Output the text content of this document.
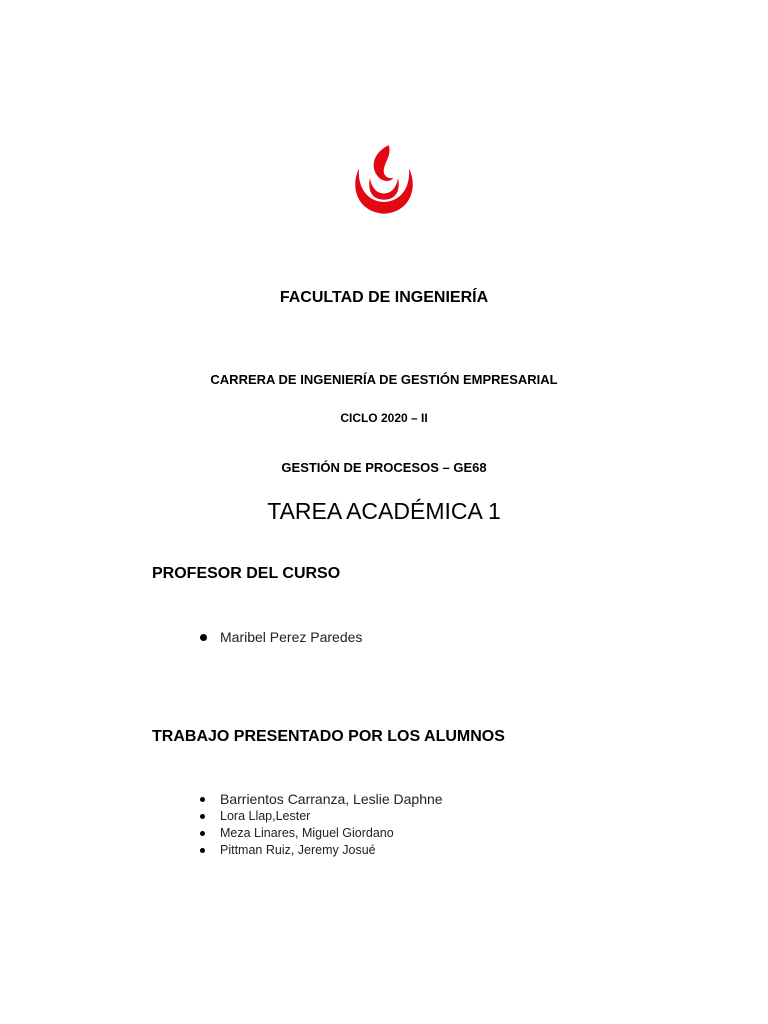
FACULTAD DE INGENIERÍA
CARRERA DE INGENIERÍA DE GESTIÓN EMPRESARIAL
CICLO 2020 – II
GESTIÓN DE PROCESOS – GE68
TAREA ACADÉMICA 1
PROFESOR DEL CURSO
Maribel Perez Paredes
TRABAJO PRESENTADO POR LOS ALUMNOS
Barrientos Carranza, Leslie Daphne
Lora Llap,Lester
Meza Linares, Miguel Giordano
Pittman Ruiz, Jeremy Josué
